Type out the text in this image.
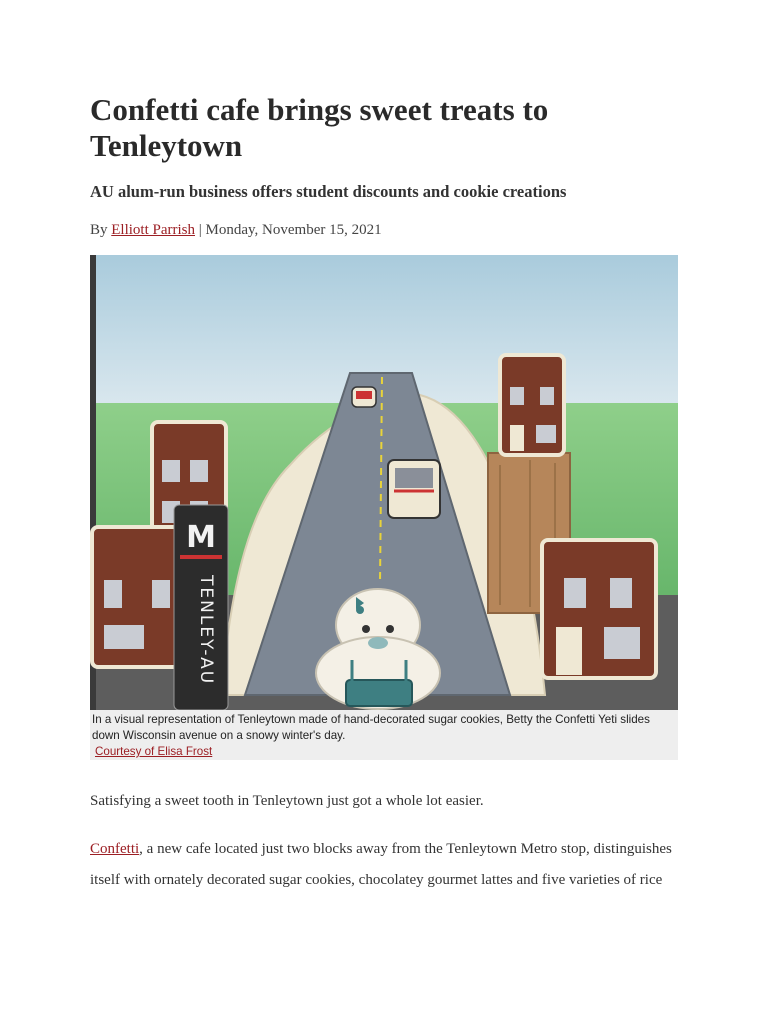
Confetti cafe brings sweet treats to Tenleytown
AU alum-run business offers student discounts and cookie creations
By Elliott Parrish | Monday, November 15, 2021
M
TENLEY-AU
In a visual representation of Tenleytown made of hand-decorated sugar cookies, Betty the Confetti Yeti slides down Wisconsin avenue on a snowy winter's day.
Courtesy of Elisa Frost

Satisfying a sweet tooth in Tenleytown just got a whole lot easier.

Confetti, a new cafe located just two blocks away from the Tenleytown Metro stop, distinguishes itself with ornately decorated sugar cookies, chocolatey gourmet lattes and five varieties of rice
